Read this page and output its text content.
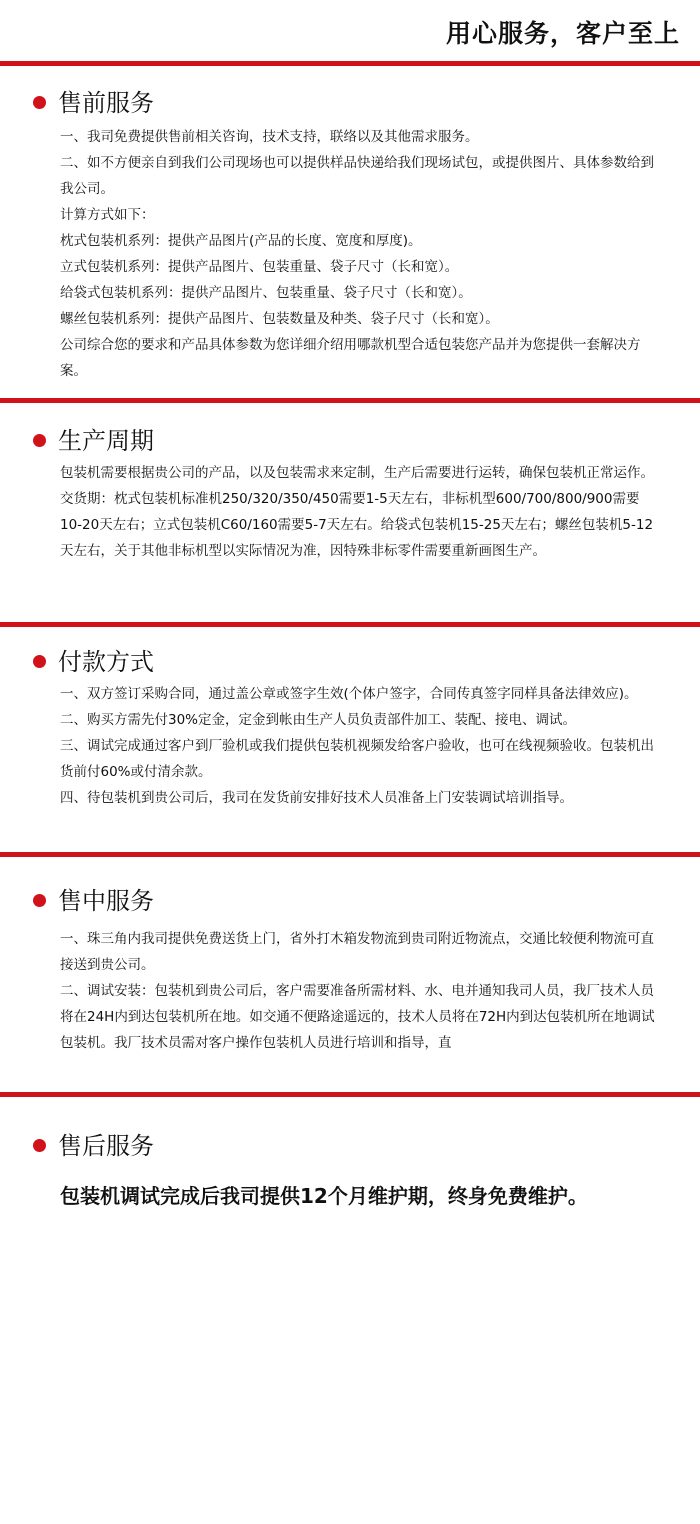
用心服务，客户至上
售前服务

一、我司免费提供售前相关咨询，技术支持，联络以及其他需求服务。

二、如不方便亲自到我们公司现场也可以提供样品快递给我们现场试包，或提供图片、具体参数给到我公司。

计算方式如下：

枕式包装机系列：提供产品图片(产品的长度、宽度和厚度)。

立式包装机系列：提供产品图片、包装重量、袋子尺寸（长和宽）。

给袋式包装机系列：提供产品图片、包装重量、袋子尺寸（长和宽）。

螺丝包装机系列：提供产品图片、包装数量及种类、袋子尺寸（长和宽）。

公司综合您的要求和产品具体参数为您详细介绍用哪款机型合适包装您产品并为您提供一套解决方案。

生产周期

包装机需要根据贵公司的产品，以及包装需求来定制，生产后需要进行运转，确保包装机正常运作。

交货期：枕式包装机标准机250/320/350/450需要1-5天左右，非标机型600/700/800/900需要10-20天左右；立式包装机C60/160需要5-7天左右。给袋式包装机15-25天左右；螺丝包装机5-12天左右，关于其他非标机型以实际情况为准，因特殊非标零件需要重新画图生产。

付款方式

一、双方签订采购合同，通过盖公章或签字生效(个体户签字，合同传真签字同样具备法律效应)。

二、购买方需先付30%定金，定金到帐由生产人员负责部件加工、装配、接电、调试。

三、调试完成通过客户到厂验机或我们提供包装机视频发给客户验收，也可在线视频验收。包装机出货前付60%或付清余款。

四、待包装机到贵公司后，我司在发货前安排好技术人员准备上门安装调试培训指导。

售中服务

一、珠三角内我司提供免费送货上门，省外打木箱发物流到贵司附近物流点，交通比较便利物流可直接送到贵公司。

二、调试安装：包装机到贵公司后，客户需要准备所需材料、水、电并通知我司人员，我厂技术人员将在24H内到达包装机所在地。如交通不便路途遥远的，技术人员将在72H内到达包装机所在地调试包装机。我厂技术员需对客户操作包装机人员进行培训和指导，直

售后服务

包装机调试完成后我司提供12个月维护期，终身免费维护。
